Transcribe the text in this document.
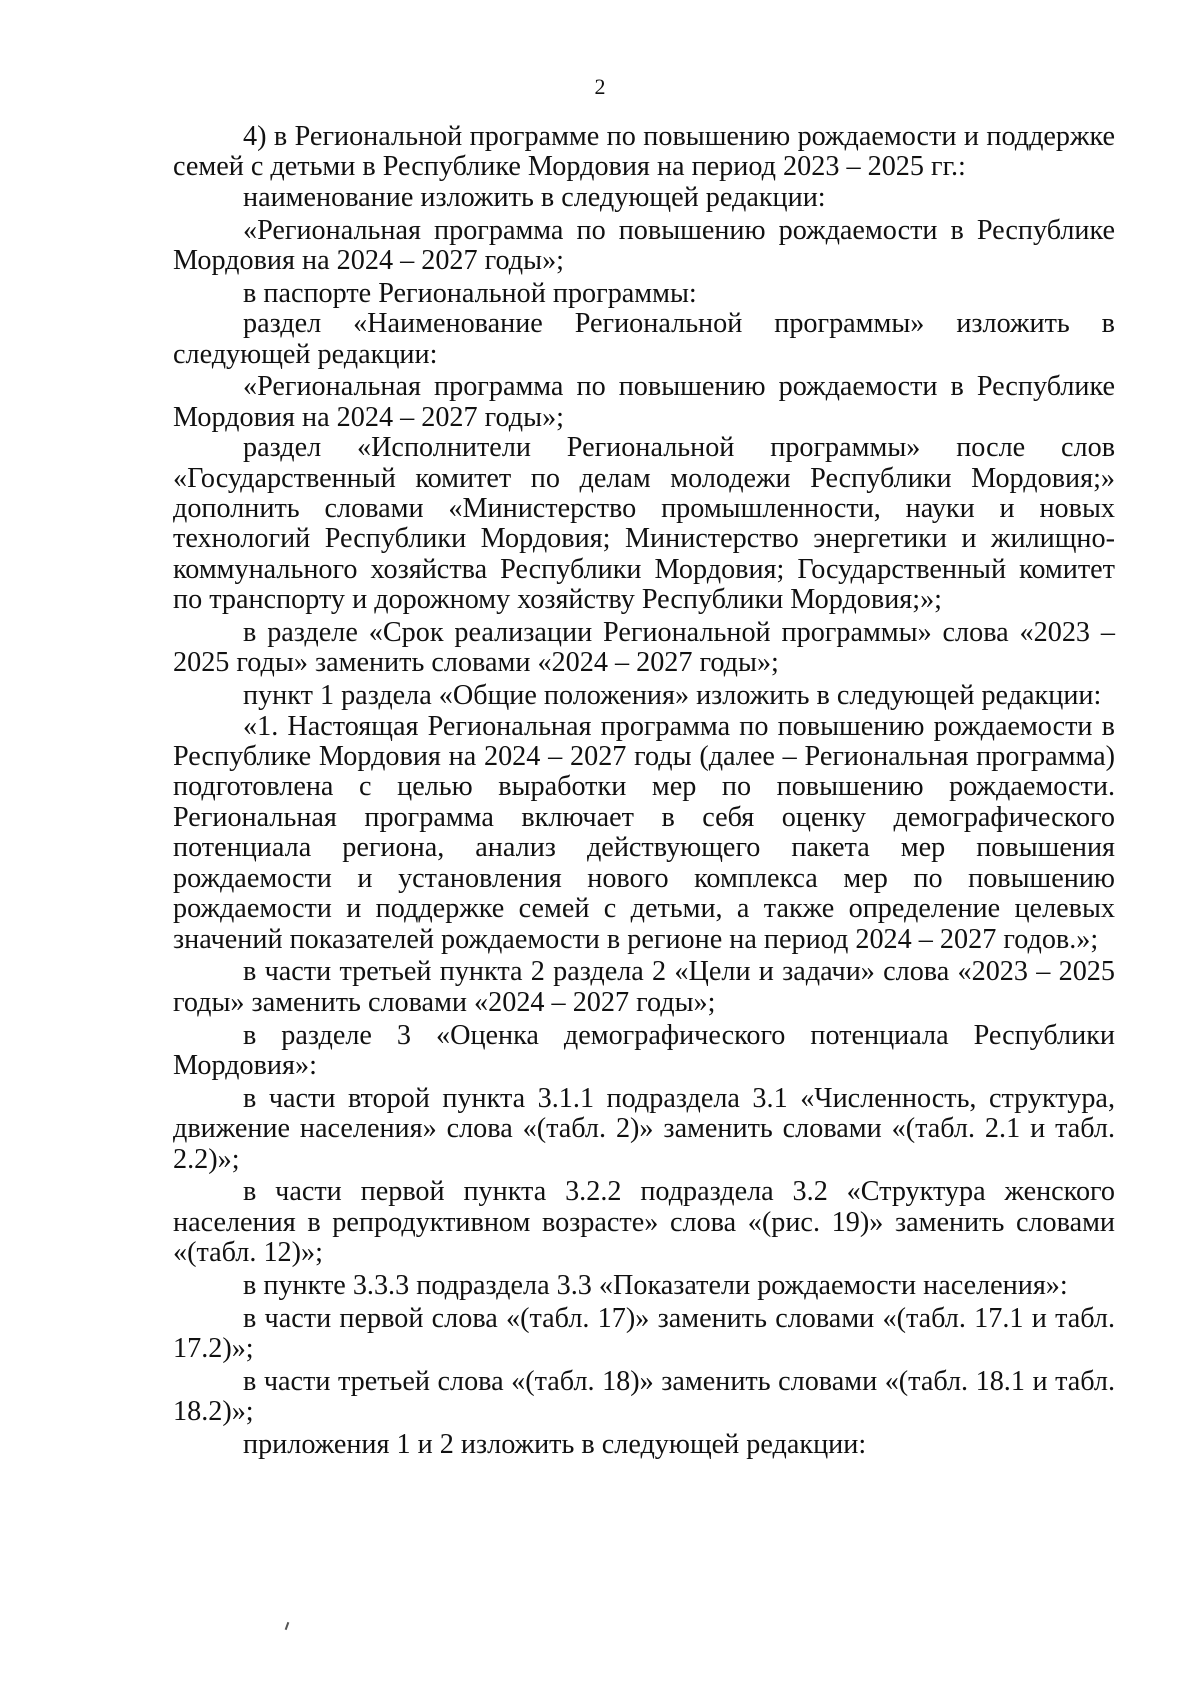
2

4) в Региональной программе по повышению рождаемости и поддержке семей с детьми в Республике Мордовия на период 2023 – 2025 гг.:

наименование изложить в следующей редакции:

«Региональная программа по повышению рождаемости в Республике Мордовия на 2024 – 2027 годы»;

в паспорте Региональной программы:

раздел «Наименование Региональной программы» изложить в следующей редакции:

«Региональная программа по повышению рождаемости в Республике Мордовия на 2024 – 2027 годы»;

раздел «Исполнители Региональной программы» после слов «Государственный комитет по делам молодежи Республики Мордовия;» дополнить словами «Министерство промышленности, науки и новых технологий Республики Мордовия; Министерство энергетики и жилищно-коммунального хозяйства Республики Мордовия; Государственный комитет по транспорту и дорожному хозяйству Республики Мордовия;»;

в разделе «Срок реализации Региональной программы» слова «2023 – 2025 годы» заменить словами «2024 – 2027 годы»;

пункт 1 раздела «Общие положения» изложить в следующей редакции:

«1. Настоящая Региональная программа по повышению рождаемости в Республике Мордовия на 2024 – 2027 годы (далее – Региональная программа) подготовлена с целью выработки мер по повышению рождаемости. Региональная программа включает в себя оценку демографического потенциала региона, анализ действующего пакета мер повышения рождаемости и установления нового комплекса мер по повышению рождаемости и поддержке семей с детьми, а также определение целевых значений показателей рождаемости в регионе на период 2024 – 2027 годов.»;

в части третьей пункта 2 раздела 2 «Цели и задачи» слова «2023 – 2025 годы» заменить словами «2024 – 2027 годы»;

в разделе 3 «Оценка демографического потенциала Республики Мордовия»:

в части второй пункта 3.1.1 подраздела 3.1 «Численность, структура, движение населения» слова «(табл. 2)» заменить словами «(табл. 2.1 и табл. 2.2)»;

в части первой пункта 3.2.2 подраздела 3.2 «Структура женского населения в репродуктивном возрасте» слова «(рис. 19)» заменить словами «(табл. 12)»;

в пункте 3.3.3 подраздела 3.3 «Показатели рождаемости населения»:

в части первой слова «(табл. 17)» заменить словами «(табл. 17.1 и табл. 17.2)»;

в части третьей слова «(табл. 18)» заменить словами «(табл. 18.1 и табл. 18.2)»;

приложения 1 и 2 изложить в следующей редакции:
